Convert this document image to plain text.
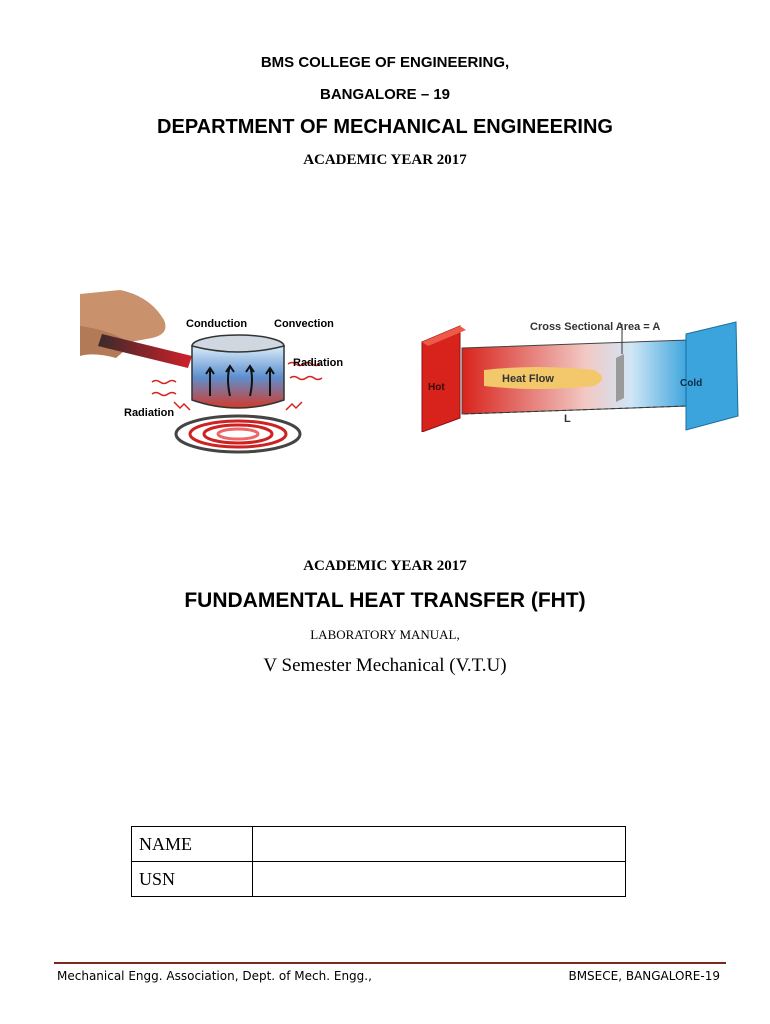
BMS COLLEGE OF ENGINEERING,
BANGALORE – 19
DEPARTMENT OF MECHANICAL ENGINEERING
ACADEMIC YEAR 2017
Conduction Convection
Radiation
Radiation
Cross Sectional Area = A
Hot	Cold
Heat Flow
L
ACADEMIC YEAR 2017
FUNDAMENTAL HEAT TRANSFER (FHT)
LABORATORY MANUAL,
V Semester Mechanical (V.T.U)
NAME	
USN	
Mechanical Engg. Association, Dept. of Mech. Engg.,	BMSECE, BANGALORE-19
